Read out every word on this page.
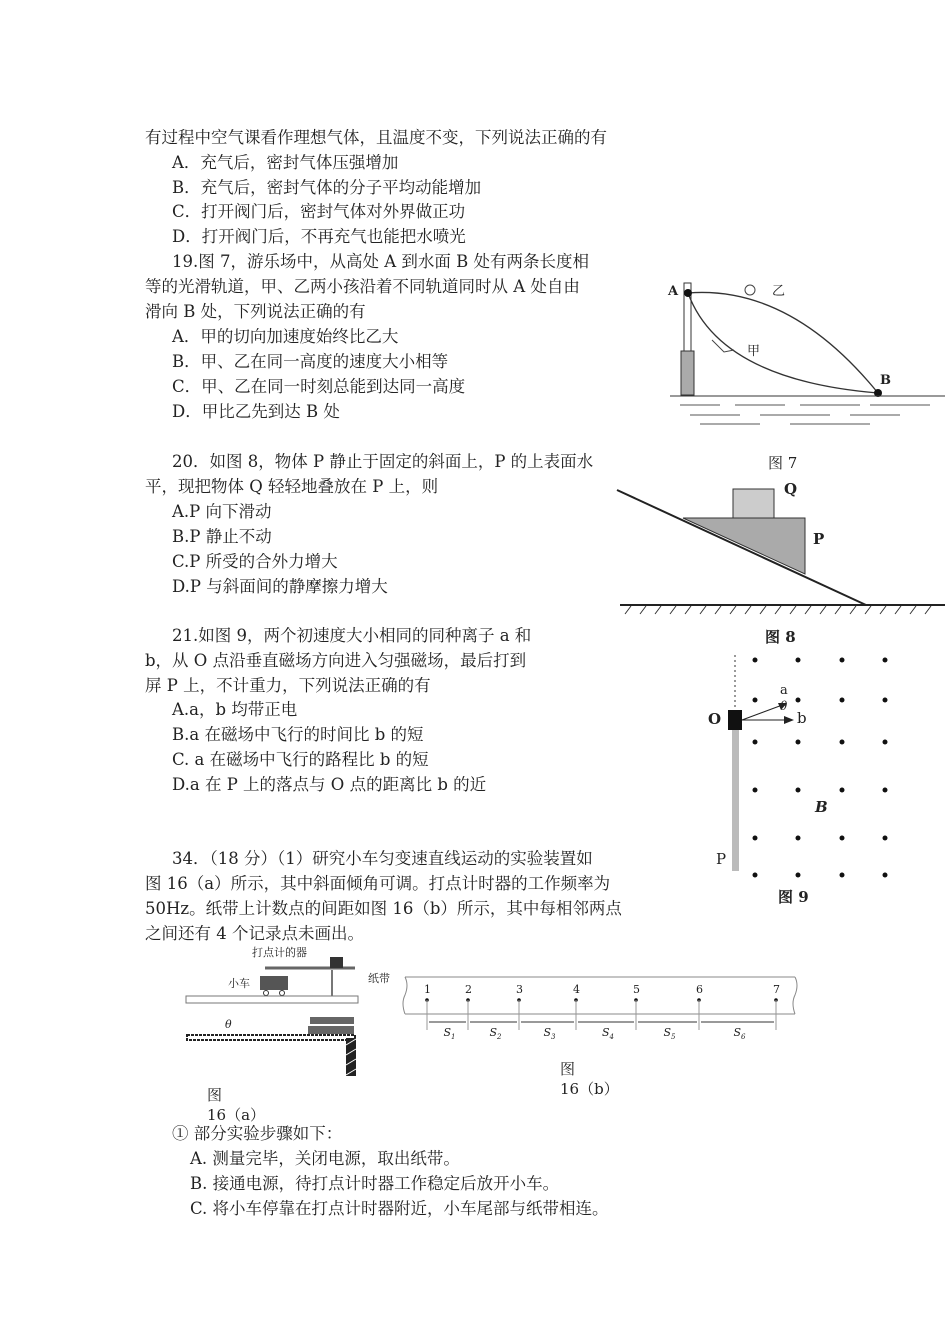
有过程中空气课看作理想气体，且温度不变，下列说法正确的有
A．充气后，密封气体压强增加
B．充气后，密封气体的分子平均动能增加
C．打开阀门后，密封气体对外界做正功
D．打开阀门后，不再充气也能把水喷光
19.图 7，游乐场中，从高处 A 到水面 B 处有两条长度相
等的光滑轨道，甲、乙两小孩沿着不同轨道同时从 A 处自由
滑向 B 处，下列说法正确的有
A．甲的切向加速度始终比乙大
B．甲、乙在同一高度的速度大小相等
C．甲、乙在同一时刻总能到达同一高度
D．甲比乙先到达 B 处
20．如图 8，物体 P 静止于固定的斜面上，P 的上表面水
平，现把物体 Q 轻轻地叠放在 P 上，则
A.P 向下滑动
B.P 静止不动
C.P 所受的合外力增大
D.P 与斜面间的静摩擦力增大
21.如图 9，两个初速度大小相同的同种离子 a 和
b，从 O 点沿垂直磁场方向进入匀强磁场，最后打到
屏 P 上，不计重力，下列说法正确的有
A.a，b 均带正电
B.a 在磁场中飞行的时间比 b 的短
C. a 在磁场中飞行的路程比 b 的短
D.a 在 P 上的落点与 O 点的距离比 b 的近
34．（18 分）（1）研究小车匀变速直线运动的实验装置如
图 16（a）所示，其中斜面倾角可调。打点计时器的工作频率为
50Hz。纸带上计数点的间距如图 16（b）所示，其中每相邻两点
之间还有 4 个记录点未画出。
① 部分实验步骤如下：
A. 测量完毕，关闭电源，取出纸带。
B. 接通电源，待打点计时器工作稳定后放开小车。
C. 将小车停靠在打点计时器附近，小车尾部与纸带相连。
A
B
甲
乙
图 7
Q
P
图 8
O
a
b
θ
P
B
图 9
打点计的器
小车	纸带
θ
图
16（a）
图
16（b）
1
$S_1$
2
$S_2$
3
$S_3$
4
$S_4$
5
$S_5$
6
$S_6$
7
